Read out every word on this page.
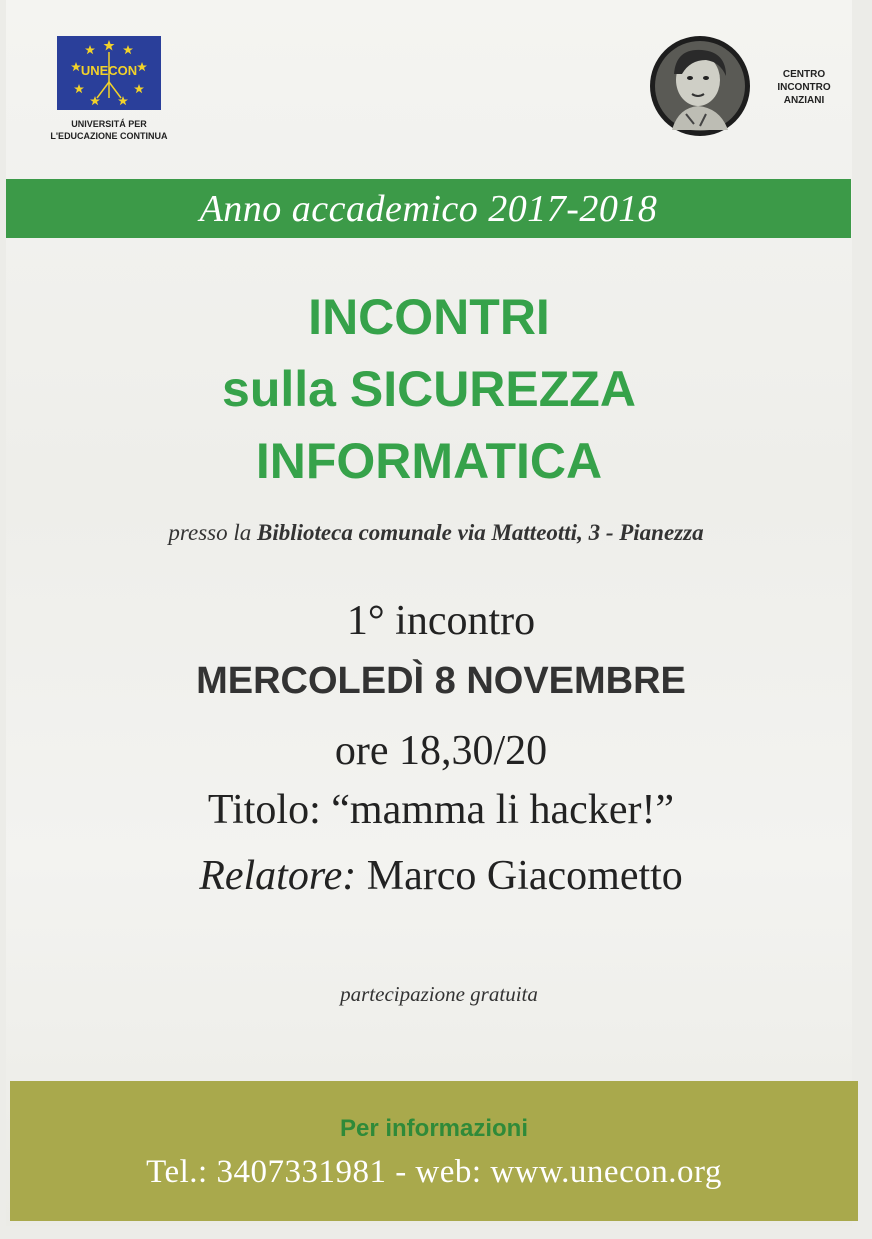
UNECON
UNIVERSITÁ PER
L'EDUCAZIONE CONTINUA
CENTRO
INCONTRO
ANZIANI
Anno accademico 2017-2018
INCONTRI
sulla SICUREZZA
INFORMATICA
presso la Biblioteca comunale via Matteotti, 3 - Pianezza
1° incontro
MERCOLEDÌ 8 NOVEMBRE
ore 18,30/20
Titolo: “mamma li hacker!”
Relatore: Marco Giacometto
partecipazione gratuita
Per informazioni
Tel.: 3407331981 - web: www.unecon.org
